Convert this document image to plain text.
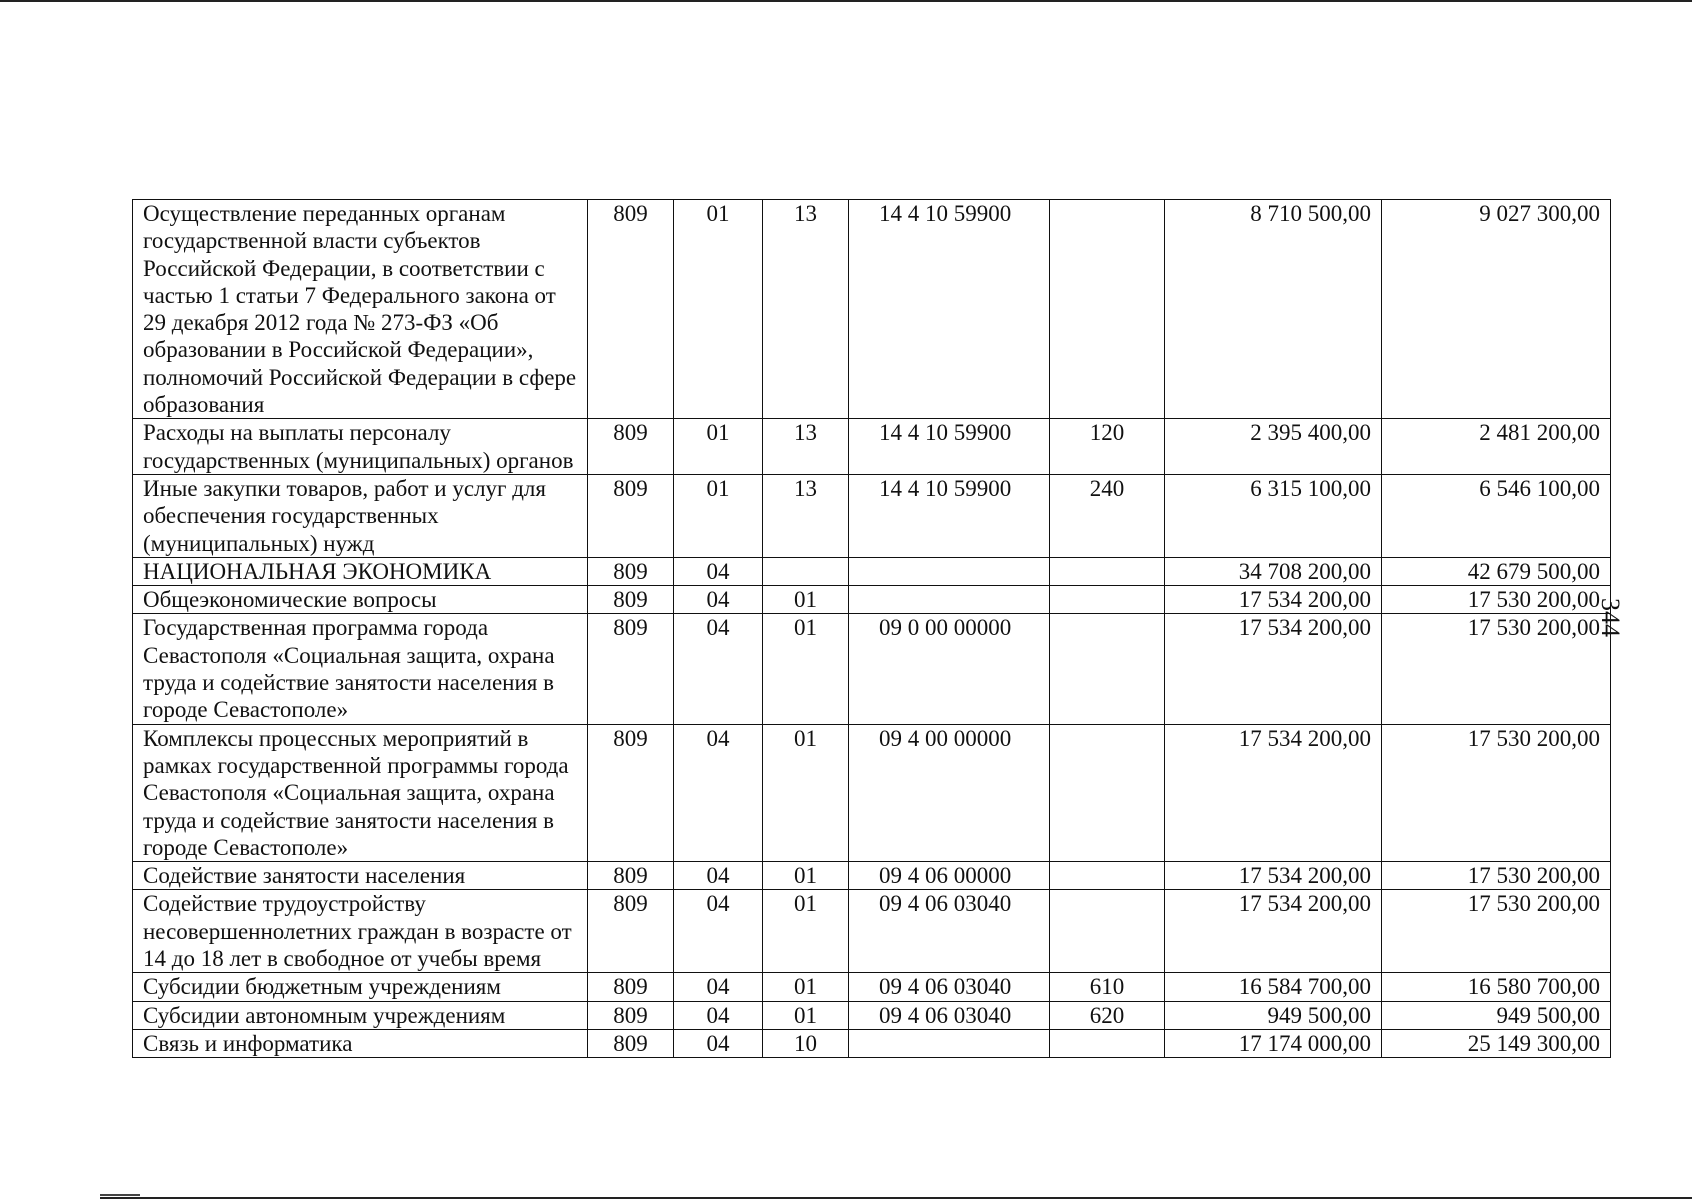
Осуществление переданных органам государственной власти субъектов Российской Федерации, в соответствии с частью 1 статьи 7 Федерального закона от 29 декабря 2012 года № 273-ФЗ «Об образовании в Российской Федерации», полномочий Российской Федерации в сфере образования	809	01	13	14 4 10 59900		8 710 500,00	9 027 300,00
Расходы на выплаты персоналу государственных (муниципальных) органов	809	01	13	14 4 10 59900	120	2 395 400,00	2 481 200,00
Иные закупки товаров, работ и услуг для обеспечения государственных (муниципальных) нужд	809	01	13	14 4 10 59900	240	6 315 100,00	6 546 100,00
НАЦИОНАЛЬНАЯ ЭКОНОМИКА	809	04				34 708 200,00	42 679 500,00
Общеэкономические вопросы	809	04	01			17 534 200,00	17 530 200,00
Государственная программа города Севастополя «Социальная защита, охрана труда и содействие занятости населения в городе Севастополе»	809	04	01	09 0 00 00000		17 534 200,00	17 530 200,00
Комплексы процессных мероприятий в рамках государственной программы города Севастополя «Социальная защита, охрана труда и содействие занятости населения в городе Севастополе»	809	04	01	09 4 00 00000		17 534 200,00	17 530 200,00
Содействие занятости населения	809	04	01	09 4 06 00000		17 534 200,00	17 530 200,00
Содействие трудоустройству несовершеннолетних граждан в возрасте от 14 до 18 лет в свободное от учебы время	809	04	01	09 4 06 03040		17 534 200,00	17 530 200,00
Субсидии бюджетным учреждениям	809	04	01	09 4 06 03040	610	16 584 700,00	16 580 700,00
Субсидии автономным учреждениям	809	04	01	09 4 06 03040	620	949 500,00	949 500,00
Связь и информатика	809	04	10			17 174 000,00	25 149 300,00
344
